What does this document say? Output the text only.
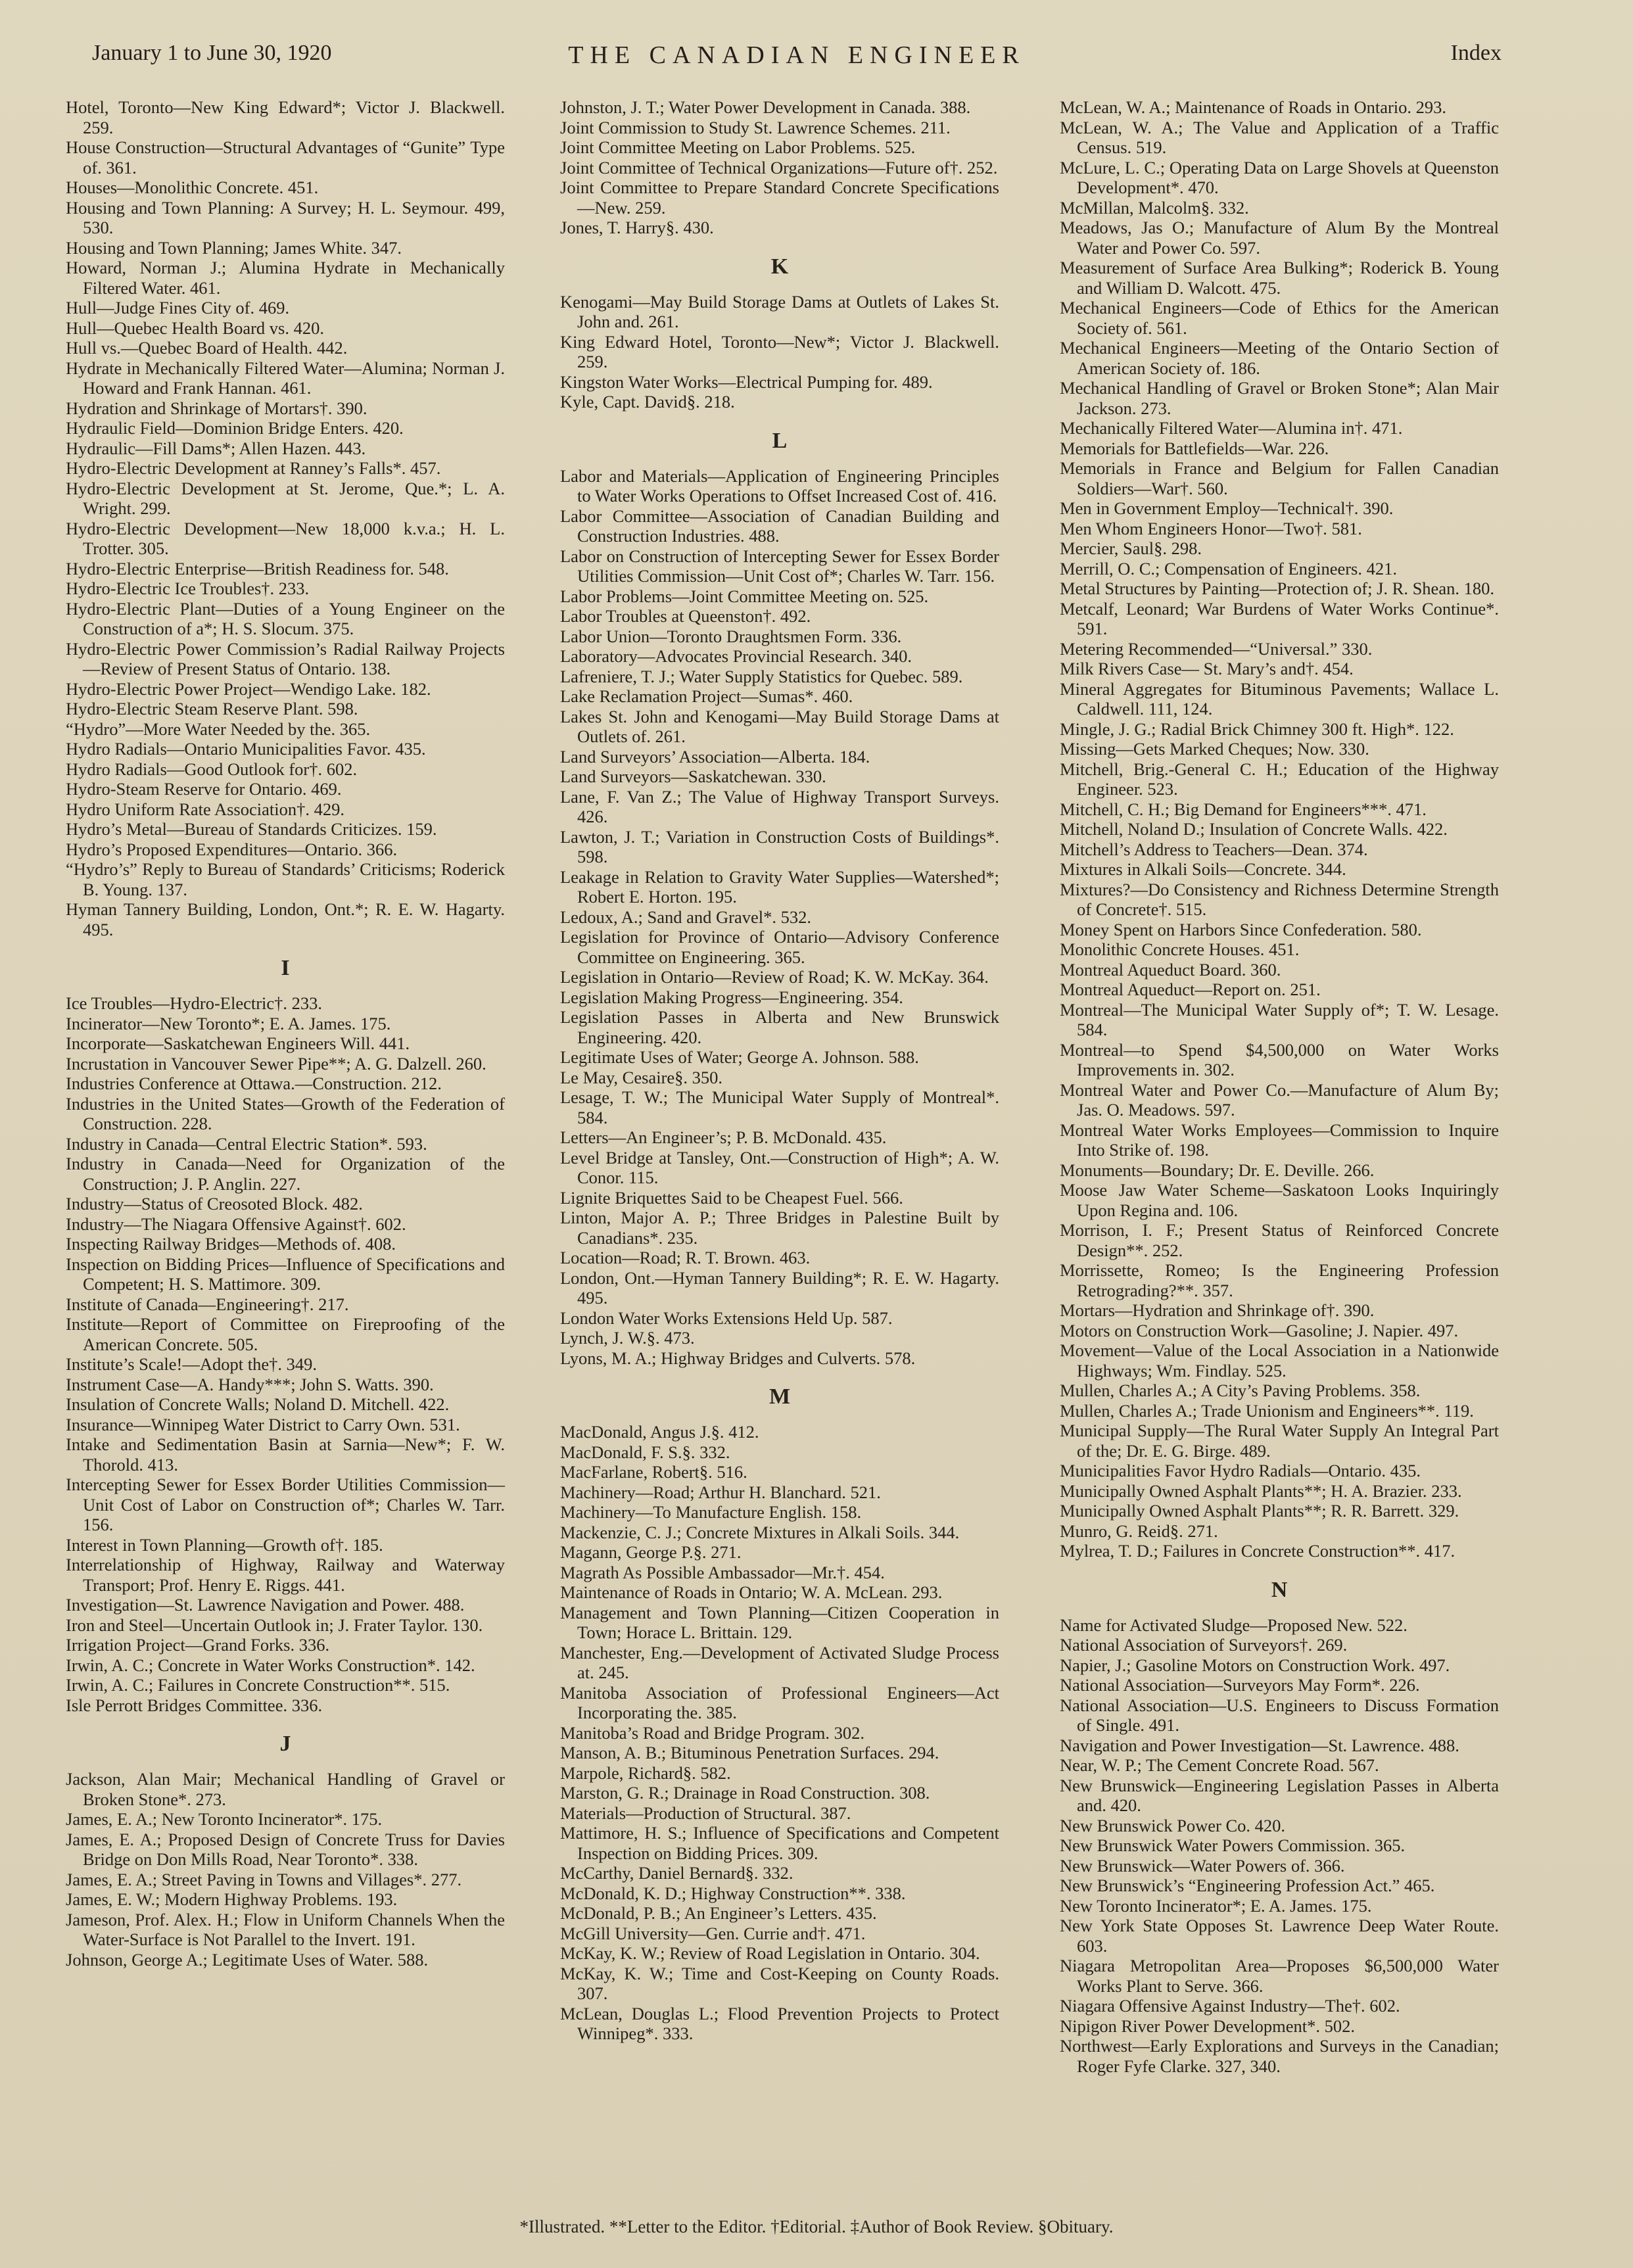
January 1 to June 30, 1920	THE CANADIAN ENGINEER	Index

Hotel, Toronto—New King Edward*; Victor J. Blackwell. 259.

House Construction—Structural Advantages of “Gunite” Type of. 361.

Houses—Monolithic Concrete. 451.

Housing and Town Planning: A Survey; H. L. Seymour. 499, 530.

Housing and Town Planning; James White. 347.

Howard, Norman J.; Alumina Hydrate in Mechanically Filtered Water. 461.

Hull—Judge Fines City of. 469.

Hull—Quebec Health Board vs. 420.

Hull vs.—Quebec Board of Health. 442.

Hydrate in Mechanically Filtered Water—Alumina; Norman J. Howard and Frank Hannan. 461.

Hydration and Shrinkage of Mortars†. 390.

Hydraulic Field—Dominion Bridge Enters. 420.

Hydraulic—Fill Dams*; Allen Hazen. 443.

Hydro-Electric Development at Ranney’s Falls*. 457.

Hydro-Electric Development at St. Jerome, Que.*; L. A. Wright. 299.

Hydro-Electric Development—New 18,000 k.v.a.; H. L. Trotter. 305.

Hydro-Electric Enterprise—British Readiness for. 548.

Hydro-Electric Ice Troubles†. 233.

Hydro-Electric Plant—Duties of a Young Engineer on the Construction of a*; H. S. Slocum. 375.

Hydro-Electric Power Commission’s Radial Railway Projects—Review of Present Status of Ontario. 138.

Hydro-Electric Power Project—Wendigo Lake. 182.

Hydro-Electric Steam Reserve Plant. 598.

“Hydro”—More Water Needed by the. 365.

Hydro Radials—Ontario Municipalities Favor. 435.

Hydro Radials—Good Outlook for†. 602.

Hydro-Steam Reserve for Ontario. 469.

Hydro Uniform Rate Association†. 429.

Hydro’s Metal—Bureau of Standards Criticizes. 159.

Hydro’s Proposed Expenditures—Ontario. 366.

“Hydro’s” Reply to Bureau of Standards’ Criticisms; Roderick B. Young. 137.

Hyman Tannery Building, London, Ont.*; R. E. W. Hagarty. 495.

I

Ice Troubles—Hydro-Electric†. 233.

Incinerator—New Toronto*; E. A. James. 175.

Incorporate—Saskatchewan Engineers Will. 441.

Incrustation in Vancouver Sewer Pipe**; A. G. Dalzell. 260.

Industries Conference at Ottawa.—Construction. 212.

Industries in the United States—Growth of the Federation of Construction. 228.

Industry in Canada—Central Electric Station*. 593.

Industry in Canada—Need for Organization of the Construction; J. P. Anglin. 227.

Industry—Status of Creosoted Block. 482.

Industry—The Niagara Offensive Against†. 602.

Inspecting Railway Bridges—Methods of. 408.

Inspection on Bidding Prices—Influence of Specifications and Competent; H. S. Mattimore. 309.

Institute of Canada—Engineering†. 217.

Institute—Report of Committee on Fireproofing of the American Concrete. 505.

Institute’s Scale!—Adopt the†. 349.

Instrument Case—A. Handy***; John S. Watts. 390.

Insulation of Concrete Walls; Noland D. Mitchell. 422.

Insurance—Winnipeg Water District to Carry Own. 531.

Intake and Sedimentation Basin at Sarnia—New*; F. W. Thorold. 413.

Intercepting Sewer for Essex Border Utilities Commission—Unit Cost of Labor on Construction of*; Charles W. Tarr. 156.

Interest in Town Planning—Growth of†. 185.

Interrelationship of Highway, Railway and Waterway Transport; Prof. Henry E. Riggs. 441.

Investigation—St. Lawrence Navigation and Power. 488.

Iron and Steel—Uncertain Outlook in; J. Frater Taylor. 130.

Irrigation Project—Grand Forks. 336.

Irwin, A. C.; Concrete in Water Works Construction*. 142.

Irwin, A. C.; Failures in Concrete Construction**. 515.

Isle Perrott Bridges Committee. 336.

J

Jackson, Alan Mair; Mechanical Handling of Gravel or Broken Stone*. 273.

James, E. A.; New Toronto Incinerator*. 175.

James, E. A.; Proposed Design of Concrete Truss for Davies Bridge on Don Mills Road, Near Toronto*. 338.

James, E. A.; Street Paving in Towns and Villages*. 277.

James, E. W.; Modern Highway Problems. 193.

Jameson, Prof. Alex. H.; Flow in Uniform Channels When the Water-Surface is Not Parallel to the Invert. 191.

Johnson, George A.; Legitimate Uses of Water. 588.

Johnston, J. T.; Water Power Development in Canada. 388.

Joint Commission to Study St. Lawrence Schemes. 211.

Joint Committee Meeting on Labor Problems. 525.

Joint Committee of Technical Organizations—Future of†. 252.

Joint Committee to Prepare Standard Concrete Specifications—New. 259.

Jones, T. Harry§. 430.

K

Kenogami—May Build Storage Dams at Outlets of Lakes St. John and. 261.

King Edward Hotel, Toronto—New*; Victor J. Blackwell. 259.

Kingston Water Works—Electrical Pumping for. 489.

Kyle, Capt. David§. 218.

L

Labor and Materials—Application of Engineering Principles to Water Works Operations to Offset Increased Cost of. 416.

Labor Committee—Association of Canadian Building and Construction Industries. 488.

Labor on Construction of Intercepting Sewer for Essex Border Utilities Commission—Unit Cost of*; Charles W. Tarr. 156.

Labor Problems—Joint Committee Meeting on. 525.

Labor Troubles at Queenston†. 492.

Labor Union—Toronto Draughtsmen Form. 336.

Laboratory—Advocates Provincial Research. 340.

Lafreniere, T. J.; Water Supply Statistics for Quebec. 589.

Lake Reclamation Project—Sumas*. 460.

Lakes St. John and Kenogami—May Build Storage Dams at Outlets of. 261.

Land Surveyors’ Association—Alberta. 184.

Land Surveyors—Saskatchewan. 330.

Lane, F. Van Z.; The Value of Highway Transport Surveys. 426.

Lawton, J. T.; Variation in Construction Costs of Buildings*. 598.

Leakage in Relation to Gravity Water Supplies—Watershed*; Robert E. Horton. 195.

Ledoux, A.; Sand and Gravel*. 532.

Legislation for Province of Ontario—Advisory Conference Committee on Engineering. 365.

Legislation in Ontario—Review of Road; K. W. McKay. 364.

Legislation Making Progress—Engineering. 354.

Legislation Passes in Alberta and New Brunswick Engineering. 420.

Legitimate Uses of Water; George A. Johnson. 588.

Le May, Cesaire§. 350.

Lesage, T. W.; The Municipal Water Supply of Montreal*. 584.

Letters—An Engineer’s; P. B. McDonald. 435.

Level Bridge at Tansley, Ont.—Construction of High*; A. W. Conor. 115.

Lignite Briquettes Said to be Cheapest Fuel. 566.

Linton, Major A. P.; Three Bridges in Palestine Built by Canadians*. 235.

Location—Road; R. T. Brown. 463.

London, Ont.—Hyman Tannery Building*; R. E. W. Hagarty. 495.

London Water Works Extensions Held Up. 587.

Lynch, J. W.§. 473.

Lyons, M. A.; Highway Bridges and Culverts. 578.

M

MacDonald, Angus J.§. 412.

MacDonald, F. S.§. 332.

MacFarlane, Robert§. 516.

Machinery—Road; Arthur H. Blanchard. 521.

Machinery—To Manufacture English. 158.

Mackenzie, C. J.; Concrete Mixtures in Alkali Soils. 344.

Magann, George P.§. 271.

Magrath As Possible Ambassador—Mr.†. 454.

Maintenance of Roads in Ontario; W. A. McLean. 293.

Management and Town Planning—Citizen Cooperation in Town; Horace L. Brittain. 129.

Manchester, Eng.—Development of Activated Sludge Process at. 245.

Manitoba Association of Professional Engineers—Act Incorporating the. 385.

Manitoba’s Road and Bridge Program. 302.

Manson, A. B.; Bituminous Penetration Surfaces. 294.

Marpole, Richard§. 582.

Marston, G. R.; Drainage in Road Construction. 308.

Materials—Production of Structural. 387.

Mattimore, H. S.; Influence of Specifications and Competent Inspection on Bidding Prices. 309.

McCarthy, Daniel Bernard§. 332.

McDonald, K. D.; Highway Construction**. 338.

McDonald, P. B.; An Engineer’s Letters. 435.

McGill University—Gen. Currie and†. 471.

McKay, K. W.; Review of Road Legislation in Ontario. 304.

McKay, K. W.; Time and Cost-Keeping on County Roads. 307.

McLean, Douglas L.; Flood Prevention Projects to Protect Winnipeg*. 333.

McLean, W. A.; Maintenance of Roads in Ontario. 293.

McLean, W. A.; The Value and Application of a Traffic Census. 519.

McLure, L. C.; Operating Data on Large Shovels at Queenston Development*. 470.

McMillan, Malcolm§. 332.

Meadows, Jas O.; Manufacture of Alum By the Montreal Water and Power Co. 597.

Measurement of Surface Area Bulking*; Roderick B. Young and William D. Walcott. 475.

Mechanical Engineers—Code of Ethics for the American Society of. 561.

Mechanical Engineers—Meeting of the Ontario Section of American Society of. 186.

Mechanical Handling of Gravel or Broken Stone*; Alan Mair Jackson. 273.

Mechanically Filtered Water—Alumina in†. 471.

Memorials for Battlefields—War. 226.

Memorials in France and Belgium for Fallen Canadian Soldiers—War†. 560.

Men in Government Employ—Technical†. 390.

Men Whom Engineers Honor—Two†. 581.

Mercier, Saul§. 298.

Merrill, O. C.; Compensation of Engineers. 421.

Metal Structures by Painting—Protection of; J. R. Shean. 180.

Metcalf, Leonard; War Burdens of Water Works Continue*. 591.

Metering Recommended—“Universal.” 330.

Milk Rivers Case— St. Mary’s and†. 454.

Mineral Aggregates for Bituminous Pavements; Wallace L. Caldwell. 111, 124.

Mingle, J. G.; Radial Brick Chimney 300 ft. High*. 122.

Missing—Gets Marked Cheques; Now. 330.

Mitchell, Brig.-General C. H.; Education of the Highway Engineer. 523.

Mitchell, C. H.; Big Demand for Engineers***. 471.

Mitchell, Noland D.; Insulation of Concrete Walls. 422.

Mitchell’s Address to Teachers—Dean. 374.

Mixtures in Alkali Soils—Concrete. 344.

Mixtures?—Do Consistency and Richness Determine Strength of Concrete†. 515.

Money Spent on Harbors Since Confederation. 580.

Monolithic Concrete Houses. 451.

Montreal Aqueduct Board. 360.

Montreal Aqueduct—Report on. 251.

Montreal—The Municipal Water Supply of*; T. W. Lesage. 584.

Montreal—to Spend $4,500,000 on Water Works Improvements in. 302.

Montreal Water and Power Co.—Manufacture of Alum By; Jas. O. Meadows. 597.

Montreal Water Works Employees—Commission to Inquire Into Strike of. 198.

Monuments—Boundary; Dr. E. Deville. 266.

Moose Jaw Water Scheme—Saskatoon Looks Inquiringly Upon Regina and. 106.

Morrison, I. F.; Present Status of Reinforced Concrete Design**. 252.

Morrissette, Romeo; Is the Engineering Profession Retrograding?**. 357.

Mortars—Hydration and Shrinkage of†. 390.

Motors on Construction Work—Gasoline; J. Napier. 497.

Movement—Value of the Local Association in a Nationwide Highways; Wm. Findlay. 525.

Mullen, Charles A.; A City’s Paving Problems. 358.

Mullen, Charles A.; Trade Unionism and Engineers**. 119.

Municipal Supply—The Rural Water Supply An Integral Part of the; Dr. E. G. Birge. 489.

Municipalities Favor Hydro Radials—Ontario. 435.

Municipally Owned Asphalt Plants**; H. A. Brazier. 233.

Municipally Owned Asphalt Plants**; R. R. Barrett. 329.

Munro, G. Reid§. 271.

Mylrea, T. D.; Failures in Concrete Construction**. 417.

N

Name for Activated Sludge—Proposed New. 522.

National Association of Surveyors†. 269.

Napier, J.; Gasoline Motors on Construction Work. 497.

National Association—Surveyors May Form*. 226.

National Association—U.S. Engineers to Discuss Formation of Single. 491.

Navigation and Power Investigation—St. Lawrence. 488.

Near, W. P.; The Cement Concrete Road. 567.

New Brunswick—Engineering Legislation Passes in Alberta and. 420.

New Brunswick Power Co. 420.

New Brunswick Water Powers Commission. 365.

New Brunswick—Water Powers of. 366.

New Brunswick’s “Engineering Profession Act.” 465.

New Toronto Incinerator*; E. A. James. 175.

New York State Opposes St. Lawrence Deep Water Route. 603.

Niagara Metropolitan Area—Proposes $6,500,000 Water Works Plant to Serve. 366.

Niagara Offensive Against Industry—The†. 602.

Nipigon River Power Development*. 502.

Northwest—Early Explorations and Surveys in the Canadian; Roger Fyfe Clarke. 327, 340.

*Illustrated. **Letter to the Editor. †Editorial. ‡Author of Book Review. §Obituary.
